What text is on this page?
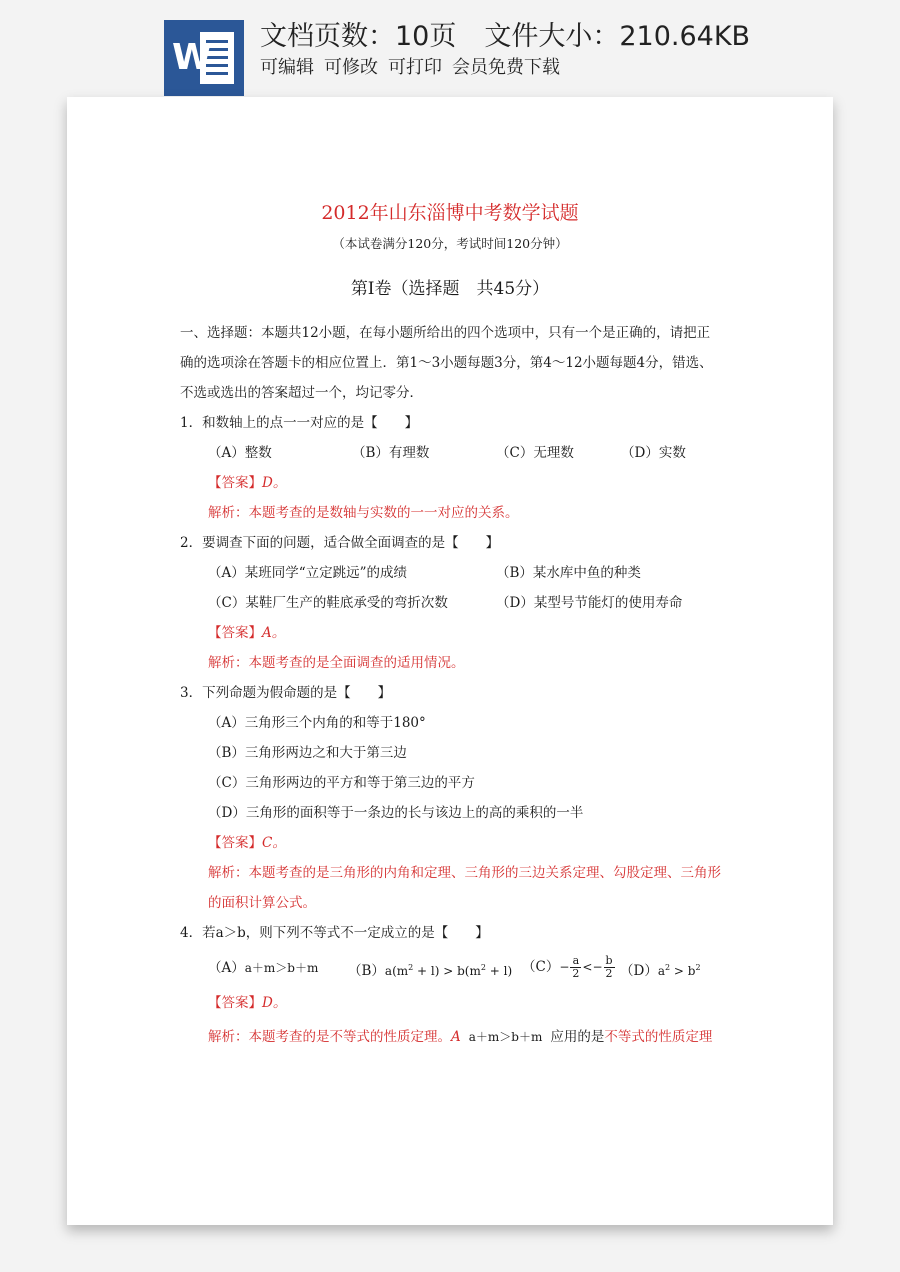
W
文档页数：10页 文件大小：210.64KB
可编辑 可修改 可打印 会员免费下载
2012年山东淄博中考数学试题
（本试卷满分120分，考试时间120分钟）
第Ⅰ卷（选择题　共45分）
一、选择题：本题共12小题，在每小题所给出的四个选项中，只有一个是正确的，请把正
确的选项涂在答题卡的相应位置上．第1～3小题每题3分，第4～12小题每题4分，错选、
不选或选出的答案超过一个，均记零分．
1．和数轴上的点一一对应的是【　　】
（A）整数	（B）有理数	（C）无理数	（D）实数
【答案】D。
解析：本题考查的是数轴与实数的一一对应的关系。
2．要调查下面的问题，适合做全面调查的是【　　】
（A）某班同学“立定跳远”的成绩	（B）某水库中鱼的种类
（C）某鞋厂生产的鞋底承受的弯折次数	（D）某型号节能灯的使用寿命
【答案】A。
解析：本题考查的是全面调查的适用情况。
3．下列命题为假命题的是【　　】
（A）三角形三个内角的和等于180°
（B）三角形两边之和大于第三边
（C）三角形两边的平方和等于第三边的平方
（D）三角形的面积等于一条边的长与该边上的高的乘积的一半
【答案】C。
解析：本题考查的是三角形的内角和定理、三角形的三边关系定理、勾股定理、三角形
的面积计算公式。
4．若a＞b，则下列不等式不一定成立的是【　　】
（A）a＋m＞b＋m $(B)a(m^2 + l) > b(m^2 + l)$ $(C)- \frac{a}{2} <- \frac{b}{2} (D)a^2 > b^2$
【答案】D。
解析：本题考查的是不等式的性质定理。A a＋m＞b＋m 应用的是不等式的性质定理
